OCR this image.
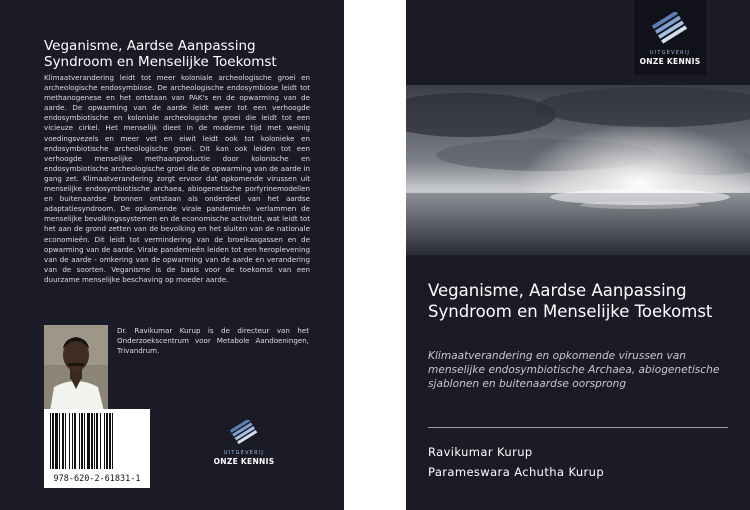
Veganisme, Aardse Aanpassing Syndroom en Menselijke Toekomst

Klimaatverandering leidt tot meer koloniale archeologische groei en archeologische endosymbiose. De archeologische endosymbiose leidt tot methanogenese en het ontstaan van PAK's en de opwarming van de aarde. De opwarming van de aarde leidt weer tot een verhoogde endosymbiotische en koloniale archeologische groei die leidt tot een vicieuze cirkel. Het menselijk dieet in de moderne tijd met weinig voedingsvezels en meer vet en eiwit leidt ook tot kolonieke en endosymbiotische archeologische groei. Dit kan ook leiden tot een verhoogde menselijke methaanproductie door kolonische en endosymbiotische archeologische groei die de opwarming van de aarde in gang zet. Klimaatverandering zorgt ervoor dat opkomende virussen uit menselijke endosymbiotische archaea, abiogenetische porfyrinemodellen en buitenaardse bronnen ontstaan als onderdeel van het aardse adaptatiesyndroom. De opkomende virale pandemieën verlammen de menselijke bevolkingssystemen en de economische activiteit, wat leidt tot het aan de grond zetten van de bevolking en het sluiten van de nationale economieën. Dit leidt tot vermindering van de broeikasgassen en de opwarming van de aarde. Virale pandemieën leiden tot een heroplevening van de aarde - omkering van de opwarming van de aarde en verandering van de soorten. Veganisme is de basis voor de toekomst van een duurzame menselijke beschaving op moeder aarde.

Dr. Ravikumar Kurup is de directeur van het Onderzoekscentrum voor Metabole Aandoeningen, Trivandrum.

978-620-2-61831-1
UITGEVERIJ
ONZE KENNIS
UITGEVERIJ
ONZE KENNIS
Veganisme, Aardse Aanpassing Syndroom en Menselijke Toekomst

Klimaatverandering en opkomende virussen van menselijke endosymbiotische Archaea, abiogenetische sjablonen en buitenaardse oorsprong

Ravikumar Kurup
Parameswara Achutha Kurup
